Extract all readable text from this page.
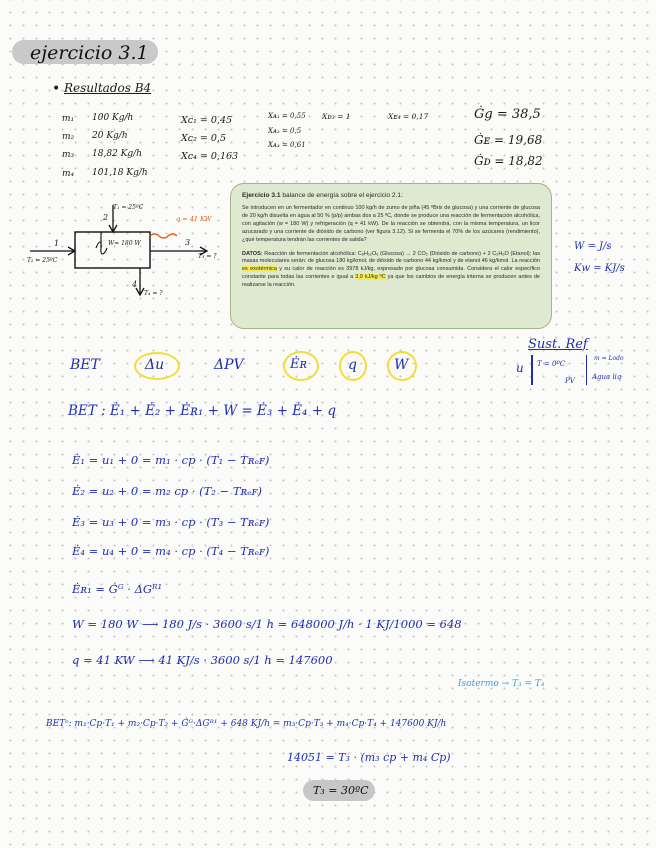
ejercicio 3.1
• Resultados B4
m₁ 100 Kg/h
m₂ 20 Kg/h
m₃ 18,82 Kg/h
m₄ 101,18 Kg/h
Xᴄ₁ = 0,45
Xᴄ₂ = 0,5
Xᴄ₄ = 0,163
Xᴀ₁ = 0,55
Xᴀ₂ = 0,5
Xᴀ₄ = 0,61
Xᴅ₃ = 1	Xᴇ₄ = 0,17	Ġg = 38,5
Ġᴇ = 19,68
Ġᴅ = 18,82
1
2
3
4
W= 180 W
T₁ = 25ºC
T₂ = 25ºC
T₃ = ?
T₄ = ?
q = 41 KW

Ejercicio 3.1 balance de energía sobre el ejercicio 2.1:

Se introducen en un fermentador en continuo 100 kg/h de zumo de piña (45 ºBrix de glucosa) y una corriente de glucosa de 20 kg/h disuelta en agua al 50 % (p/p) ambas dos a 25 ºC, donde se produce una reacción de fermentación alcohólica, con agitación (w = 180 W) y refrigeración (q = 41 kW). De la reacción se obtendrá, con la misma temperatura, un licor azucarado y una corriente de dióxido de carbono (ver figura 3.12). Si se fermenta el 70% de los azúcares (rendimiento), ¿qué temperatura tendrán las corrientes de salida?

DATOS: Reacción de fermentación alcohólica: C₆H₁₂O₆ (Glucosa) → 2 CO₂ (Dióxido de carbono) + 2 C₂H₆O (Etanol); las masas moleculares serán: de glucosa 180 kg/kmol, de dióxido de carbono 44 kg/kmol y de etanol 46 kg/kmol. La reacción es exotérmica y su calor de reacción es 3978 kJ/kg, expresado por glucosa consumida. Considera el calor específico constante para todas las corrientes e igual a 3.9 kJ/kg ºC ya que los cambios de energía interna se producen antes de realizarse la reacción.

W = J/s
Kw = KJ/s
Sust. Ref
u T = 0ºC
m = Lodo
PV Agua liq
BET	Δu	ΔPV	Ėʀ	q	W
BET : Ė₁ + Ė₂ + Ėʀ₁ + W = Ė₃ + Ė₄ + q
Ė₁ = u₁ + 0 = m₁ · cp · (T₁ − Tʀₑꜰ)
Ė₂ = u₂ + 0 = m₂ cp · (T₂ − Tʀₑꜰ)
Ė₃ = u₃ + 0 = m₃ · cp · (T₃ − Tʀₑꜰ)
Ė₄ = u₄ + 0 = m₄ · cp · (T₄ − Tʀₑꜰ)
Ėʀ₁ = Ġᴳ · ΔGᴿ¹
W = 180 W ⟶ 180 J/s · 3600 s/1 h = 648000 J/h · 1 KJ/1000 = 648
q = 41 KW ⟶ 41 KJ/s · 3600 s/1 h = 147600
Isotermo → T₃ = T₄
BETᵒ: m₁·Cp·T₁ + m₂·Cp·T₂ + Ġᴳ·ΔGᴿ¹ + 648 KJ/h = m₃·Cp·T₃ + m₄·Cp·T₄ + 147600 KJ/h
14051 = T₃ · (m₃ cp + m₄ Cp)
T₃ = 30ºC
